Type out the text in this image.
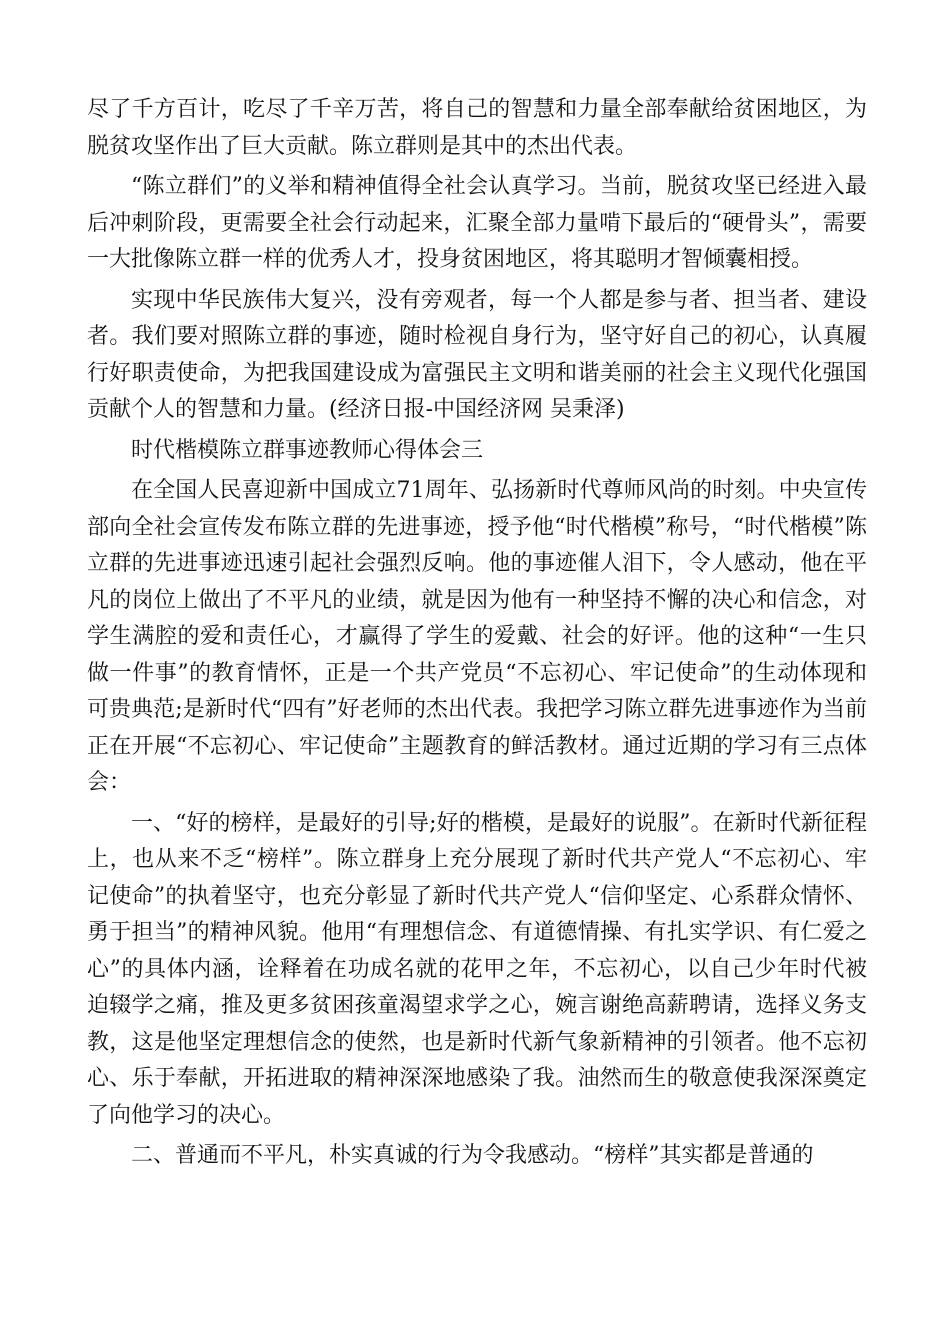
尽了千方百计，吃尽了千辛万苦，将自己的智慧和力量全部奉献给贫困地区，为脱贫攻坚作出了巨大贡献。陈立群则是其中的杰出代表。

“陈立群们”的义举和精神值得全社会认真学习。当前，脱贫攻坚已经进入最后冲刺阶段，更需要全社会行动起来，汇聚全部力量啃下最后的“硬骨头”，需要一大批像陈立群一样的优秀人才，投身贫困地区，将其聪明才智倾囊相授。

实现中华民族伟大复兴，没有旁观者，每一个人都是参与者、担当者、建设者。我们要对照陈立群的事迹，随时检视自身行为，坚守好自己的初心，认真履行好职责使命，为把我国建设成为富强民主文明和谐美丽的社会主义现代化强国贡献个人的智慧和力量。(经济日报-中国经济网 吴秉泽)

时代楷模陈立群事迹教师心得体会三

在全国人民喜迎新中国成立71周年、弘扬新时代尊师风尚的时刻。中央宣传部向全社会宣传发布陈立群的先进事迹，授予他“时代楷模”称号，“时代楷模”陈立群的先进事迹迅速引起社会强烈反响。他的事迹催人泪下，令人感动，他在平凡的岗位上做出了不平凡的业绩，就是因为他有一种坚持不懈的决心和信念，对学生满腔的爱和责任心，才赢得了学生的爱戴、社会的好评。他的这种“一生只做一件事”的教育情怀，正是一个共产党员“不忘初心、牢记使命”的生动体现和可贵典范;是新时代“四有”好老师的杰出代表。我把学习陈立群先进事迹作为当前正在开展“不忘初心、牢记使命”主题教育的鲜活教材。通过近期的学习有三点体会：

一、“好的榜样，是最好的引导;好的楷模，是最好的说服”。在新时代新征程上，也从来不乏“榜样”。陈立群身上充分展现了新时代共产党人“不忘初心、牢记使命”的执着坚守，也充分彰显了新时代共产党人“信仰坚定、心系群众情怀、勇于担当”的精神风貌。他用“有理想信念、有道德情操、有扎实学识、有仁爱之心”的具体内涵，诠释着在功成名就的花甲之年，不忘初心，以自己少年时代被迫辍学之痛，推及更多贫困孩童渴望求学之心，婉言谢绝高薪聘请，选择义务支教，这是他坚定理想信念的使然，也是新时代新气象新精神的引领者。他不忘初心、乐于奉献，开拓进取的精神深深地感染了我。油然而生的敬意使我深深奠定了向他学习的决心。

二、普通而不平凡，朴实真诚的行为令我感动。“榜样”其实都是普通的
